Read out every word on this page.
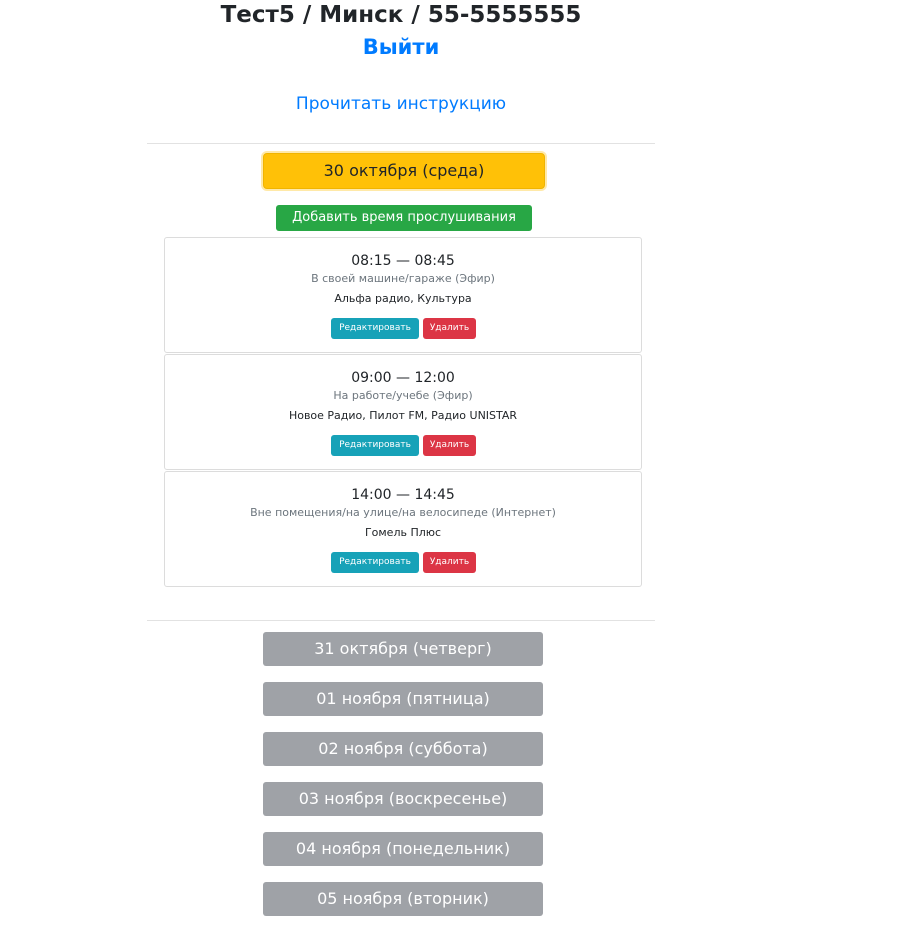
Тест5 / Минск / 55-5555555
Выйти
Прочитать инструкцию
30 октября (среда)
Добавить время прослушивания
08:15 — 08:45
В своей машине/гараже (Эфир)
Альфа радио, Культура
Редактировать	Удалить
09:00 — 12:00
На работе/учебе (Эфир)
Новое Радио, Пилот FM, Радио UNISTAR
Редактировать	Удалить
14:00 — 14:45
Вне помещения/на улице/на велосипеде (Интернет)
Гомель Плюс
Редактировать	Удалить
31 октября (четверг)
01 ноября (пятница)
02 ноября (суббота)
03 ноября (воскресенье)
04 ноября (понедельник)
05 ноября (вторник)
